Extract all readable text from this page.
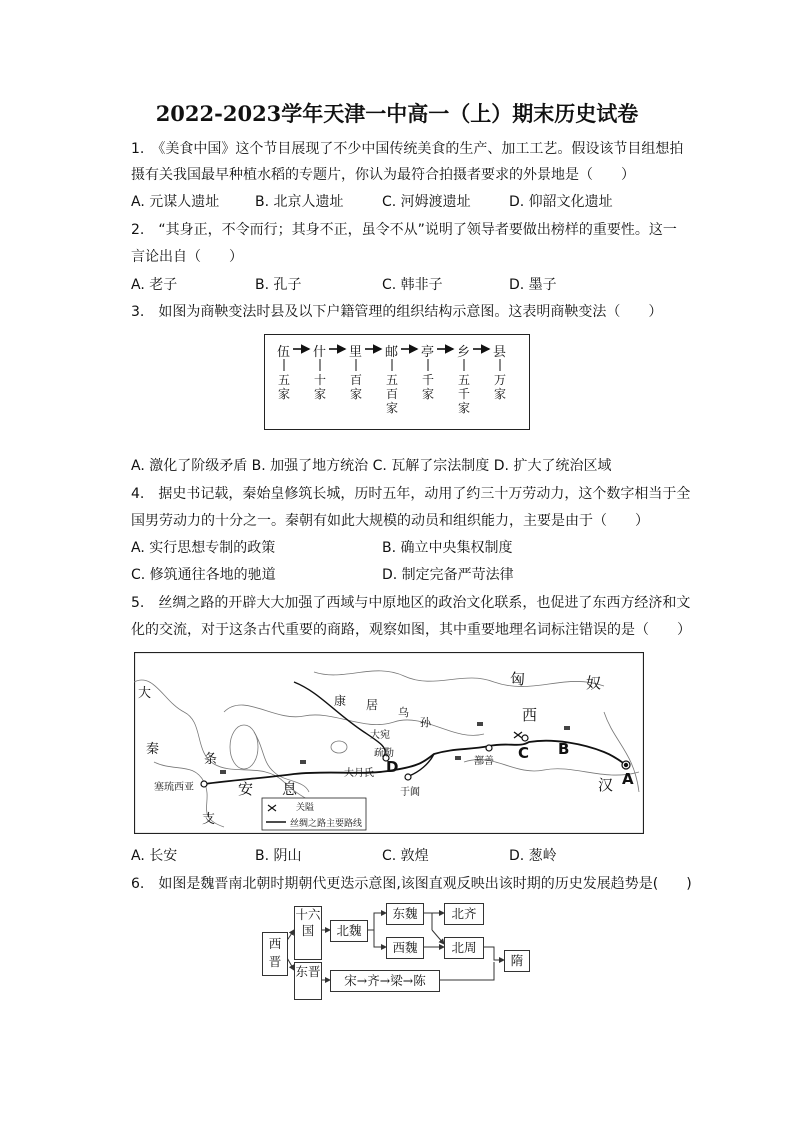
2022-2023学年天津一中高一（上）期末历史试卷
1.　《美食中国》这个节目展现了不少中国传统美食的生产、加工工艺。假设该节目组想拍
摄有关我国最早种植水稻的专题片，你认为最符合拍摄者要求的外景地是（　　）
A. 元谋人遗址	B. 北京人遗址	C. 河姆渡遗址	D. 仰韶文化遗址
2.　“其身正，不令而行；其身不正，虽令不从”说明了领导者要做出榜样的重要性。这一
言论出自（　　）
A. 老子	B. 孔子	C. 韩非子	D. 墨子
3.　如图为商鞅变法时县及以下户籍管理的组织结构示意图。这表明商鞅变法（　　）
伍 什 里 邮 亭 乡 县
五家
十家
百家
五百家
千家
五千家
万家
A. 激化了阶级矛盾 B. 加强了地方统治 C. 瓦解了宗法制度 D. 扩大了统治区域
4.　据史书记载，秦始皇修筑长城，历时五年，动用了约三十万劳动力，这个数字相当于全
国男劳动力的十分之一。秦朝有如此大规模的动员和组织能力，主要是由于（　　）
A. 实行思想专制的政策	B. 确立中央集权制度
C. 修筑通往各地的驰道	D. 制定完备严苛法律
5.　丝绸之路的开辟大大加强了西域与中原地区的政治文化联系，也促进了东西方经济和文
化的交流，对于这条古代重要的商路，观察如图，其中重要地理名词标注错误的是（　　）
匈	奴
西
汉
大
秦
条
支
安 息
康 居
乌
孙
大宛
疏勒
于阗
鄯善
大月氏
塞琉西亚	A
B
C
D
关隘
丝绸之路主要路线
A. 长安	B. 阴山	C. 敦煌	D. 葱岭
6.　如图是魏晋南北朝时期朝代更迭示意图,该图直观反映出该时期的历史发展趋势是(　　)
西晋
十六国
东晋
北魏
东魏
西魏
北齐
北周
隋
宋→齐→梁→陈
